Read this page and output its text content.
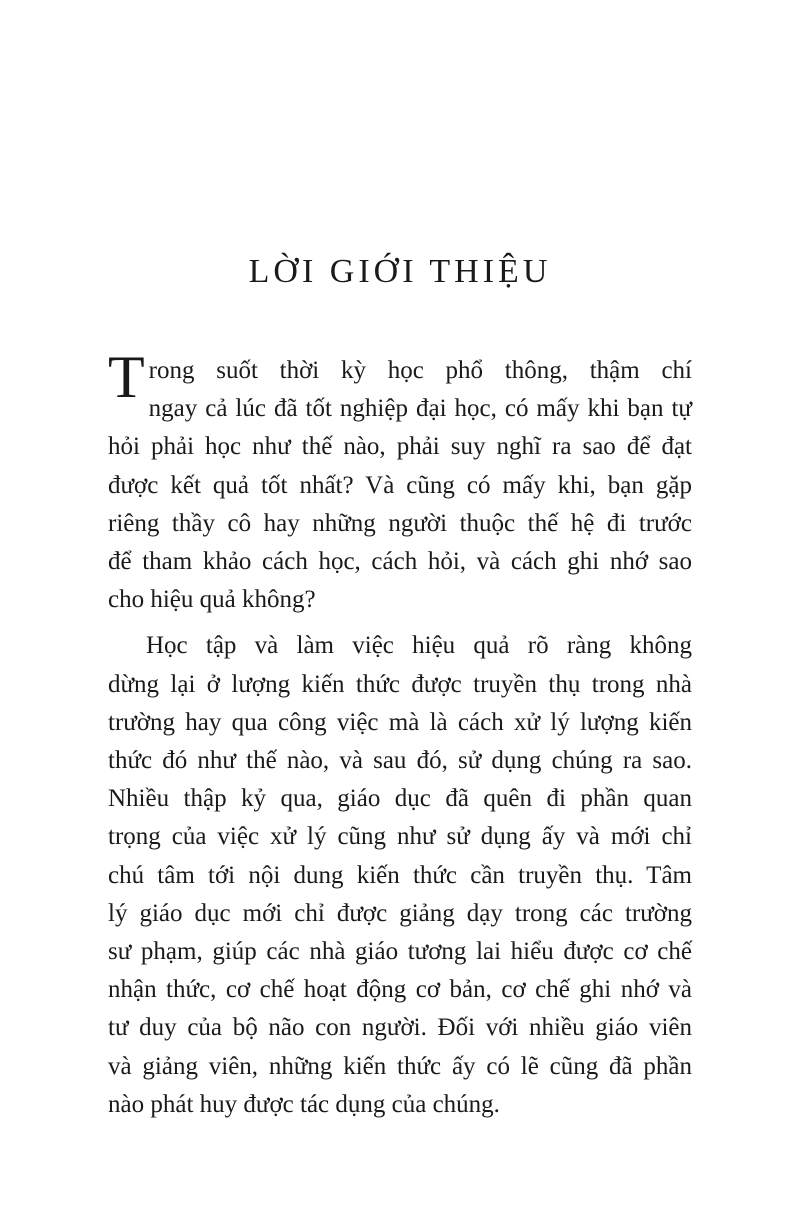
LỜI GIỚI THIỆU
Trong suốt thời kỳ học phổ thông, thậm chí
ngay cả lúc đã tốt nghiệp đại học, có mấy khi bạn tự
hỏi phải học như thế nào, phải suy nghĩ ra sao để đạt
được kết quả tốt nhất? Và cũng có mấy khi, bạn gặp
riêng thầy cô hay những người thuộc thế hệ đi trước
để tham khảo cách học, cách hỏi, và cách ghi nhớ sao
cho hiệu quả không?
Học tập và làm việc hiệu quả rõ ràng không
dừng lại ở lượng kiến thức được truyền thụ trong nhà
trường hay qua công việc mà là cách xử lý lượng kiến
thức đó như thế nào, và sau đó, sử dụng chúng ra sao.
Nhiều thập kỷ qua, giáo dục đã quên đi phần quan
trọng của việc xử lý cũng như sử dụng ấy và mới chỉ
chú tâm tới nội dung kiến thức cần truyền thụ. Tâm
lý giáo dục mới chỉ được giảng dạy trong các trường
sư phạm, giúp các nhà giáo tương lai hiểu được cơ chế
nhận thức, cơ chế hoạt động cơ bản, cơ chế ghi nhớ và
tư duy của bộ não con người. Đối với nhiều giáo viên
và giảng viên, những kiến thức ấy có lẽ cũng đã phần
nào phát huy được tác dụng của chúng.
